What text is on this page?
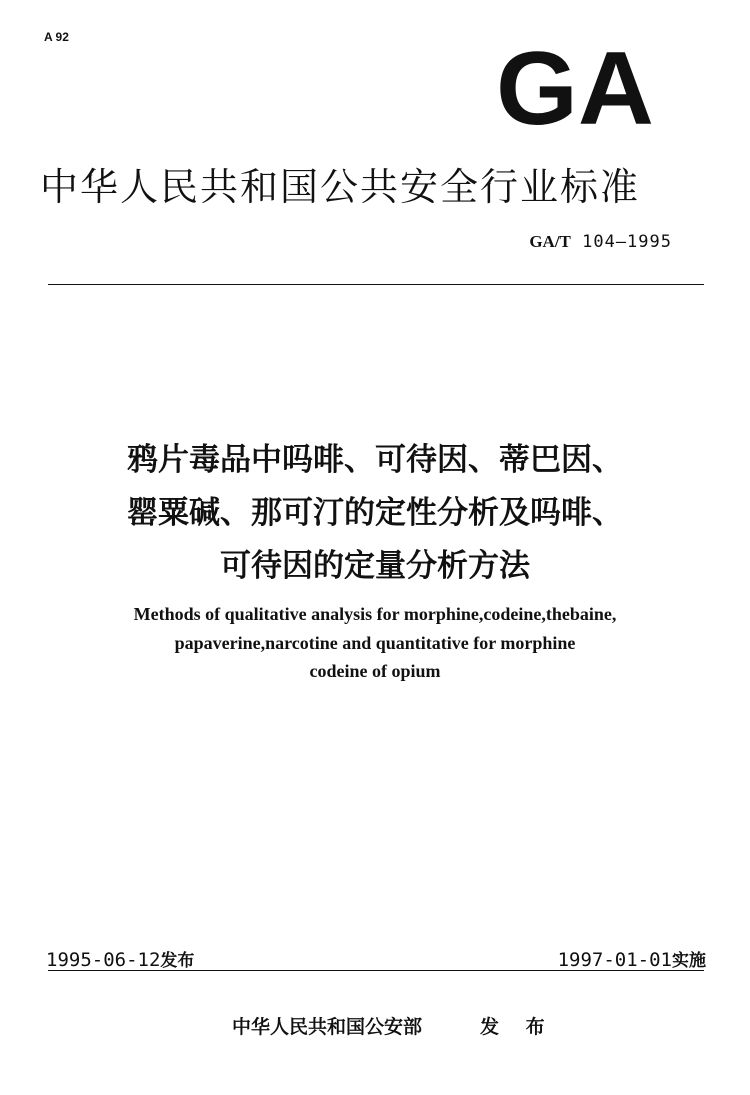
A 92	GA
中华人民共和国公共安全行业标准
GA/T 104—1995
鸦片毒品中吗啡、可待因、蒂巴因、
罂粟碱、那可汀的定性分析及吗啡、
可待因的定量分析方法
Methods of qualitative analysis for morphine,codeine,thebaine,
papaverine,narcotine and quantitative for morphine
codeine of opium
1995-06-12发布	1997-01-01实施
中华人民共和国公安部	发 布
